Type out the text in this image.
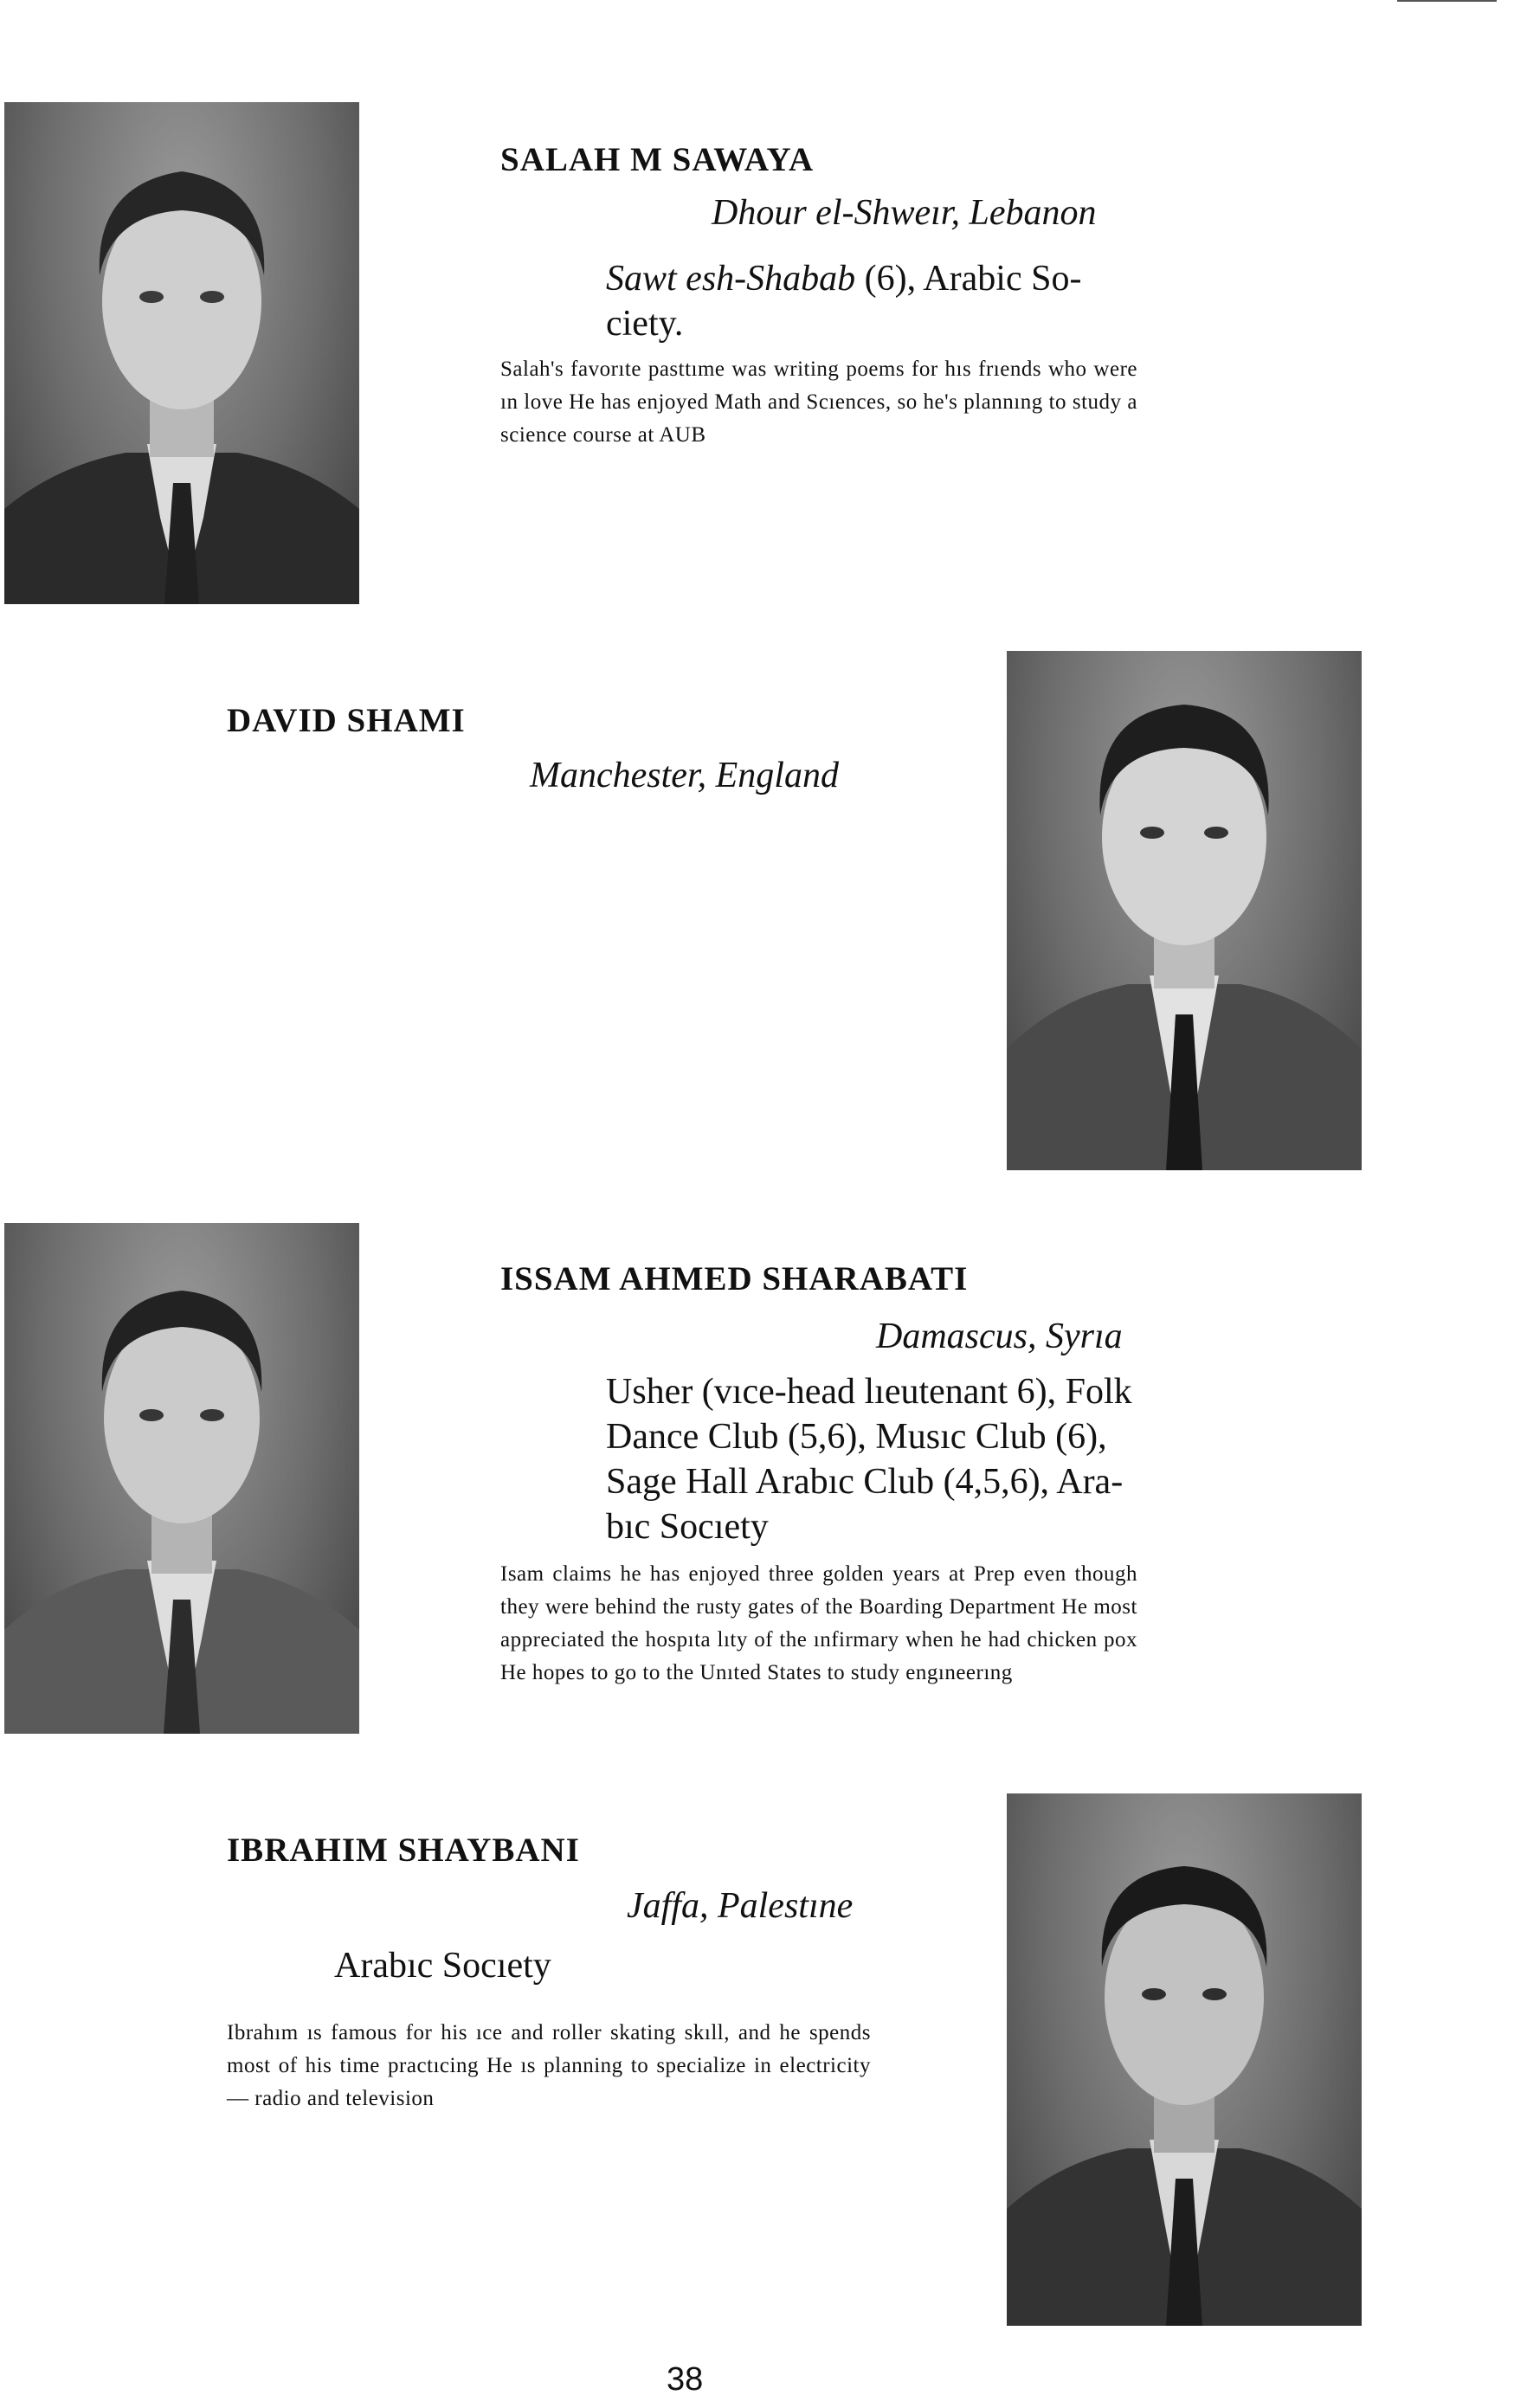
SALAH M SAWAYA

Dhour el-Shweır, Lebanon

Sawt esh-Shabab (6), Arabic So-ciety.

Salah's favorıte pasttıme was writing poems for hıs frıends who were ın love He has enjoyed Math and Scıences, so he's plannıng to study a science course at AUB

DAVID SHAMI

Manchester, England

ISSAM AHMED SHARABATI

Damascus, Syrıa

Usher (vıce-head lıeutenant 6), Folk Dance Club (5,6), Musıc Club (6), Sage Hall Arabıc Club (4,5,6), Ara-bıc Socıety

Isam claims he has enjoyed three golden years at Prep even though they were behind the rusty gates of the Boarding Department He most appreciated the hospıta lıty of the ınfirmary when he had chicken pox He hopes to go to the Unıted States to study engıneerıng

IBRAHIM SHAYBANI

Jaffa, Palestıne

Arabıc Socıety

Ibrahım ıs famous for his ıce and roller skating skıll, and he spends most of his time practıcing He ıs planning to specialize in electricity — radio and television

38
